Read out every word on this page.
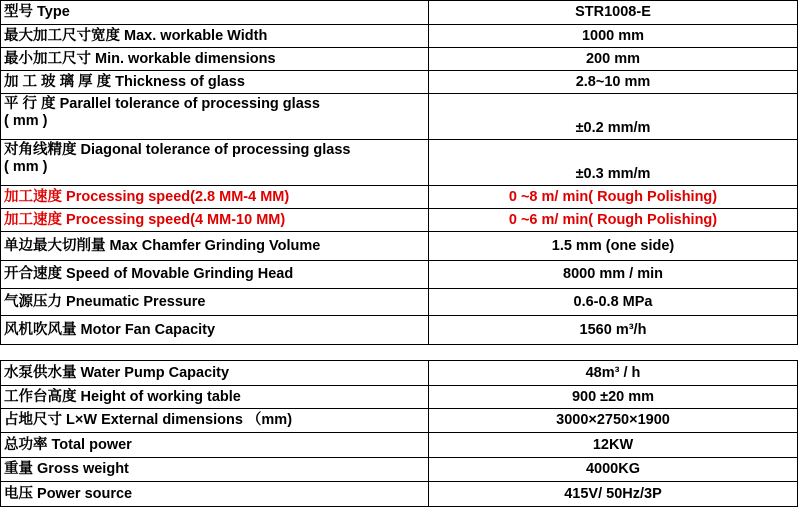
型号 Type	STR1008-E

最大加工尺寸宽度 Max. workable Width	1000 mm

最小加工尺寸 Min. workable dimensions	200 mm

加 工 玻 璃 厚 度 Thickness of glass	2.8~10 mm

平 行 度 Parallel tolerance of processing glass
( mm )	±0.2 mm/m

对角线精度 Diagonal tolerance of processing glass
( mm )	±0.3 mm/m

加工速度 Processing speed(2.8 MM-4 MM)	0 ~8 m/ min( Rough Polishing)

加工速度 Processing speed(4 MM-10 MM)	0 ~6 m/ min( Rough Polishing)

单边最大切削量 Max Chamfer Grinding Volume	1.5 mm (one side)

开合速度 Speed of Movable Grinding Head	8000 mm / min

气源压力 Pneumatic Pressure	0.6-0.8 MPa

风机吹风量 Motor Fan Capacity	1560 m³/h
水泵供水量 Water Pump Capacity	48m³ / h

工作台高度 Height of working table	900 ±20 mm

占地尺寸 L×W External dimensions （mm)	3000×2750×1900

总功率 Total power	12KW

重量 Gross weight	4000KG

电压 Power source	415V/ 50Hz/3P
